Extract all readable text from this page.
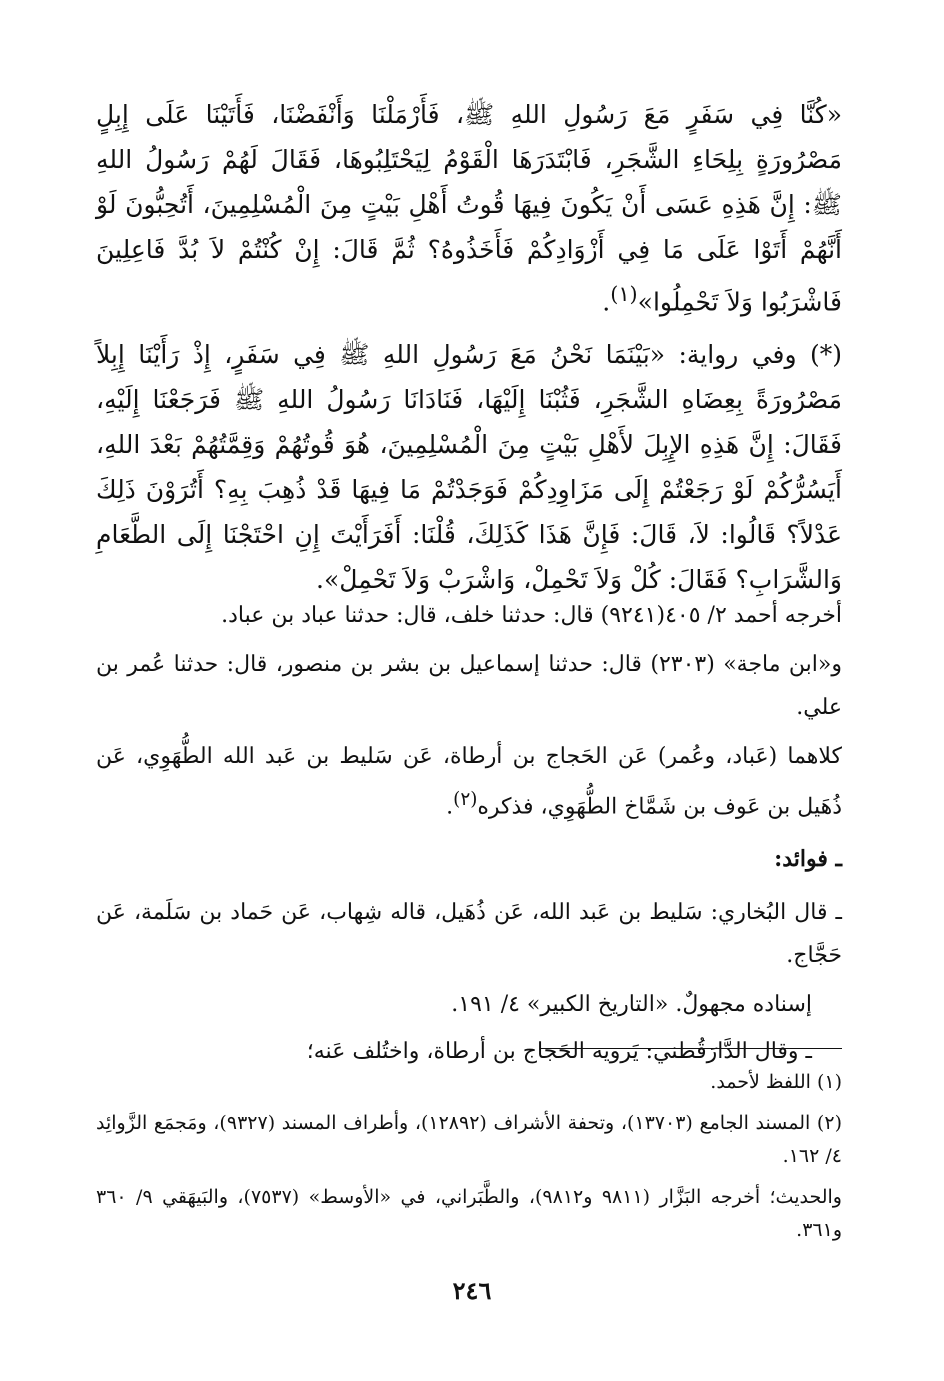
«كُنَّا فِي سَفَرٍ مَعَ رَسُولِ اللهِ ﷺ، فَأَرْمَلْنَا وَأَنْفَضْنَا، فَأَتَيْنَا عَلَى إِبِلٍ مَصْرُورَةٍ بِلِحَاءِ الشَّجَرِ، فَابْتَدَرَهَا الْقَوْمُ لِيَحْتَلِبُوهَا، فَقَالَ لَهُمْ رَسُولُ اللهِ ﷺ: إِنَّ هَذِهِ عَسَى أَنْ يَكُونَ فِيهَا قُوتُ أَهْلِ بَيْتٍ مِنَ الْمُسْلِمِينَ، أَتُحِبُّونَ لَوْ أَنَّهُمْ أَتَوْا عَلَى مَا فِي أَزْوَادِكُمْ فَأَخَذُوهُ؟ ثُمَّ قَالَ: إِنْ كُنْتُمْ لاَ بُدَّ فَاعِلِينَ فَاشْرَبُوا وَلاَ تَحْمِلُوا»$^{(١)}$.

(*) وفي رواية: «بَيْنَمَا نَحْنُ مَعَ رَسُولِ اللهِ ﷺ فِي سَفَرٍ، إِذْ رَأَيْنَا إِبِلاً مَصْرُورَةً بِعِضَاهِ الشَّجَرِ، فَثُبْنَا إِلَيْهَا، فَنَادَانَا رَسُولُ اللهِ ﷺ فَرَجَعْنَا إِلَيْهِ، فَقَالَ: إِنَّ هَذِهِ الإِبِلَ لأَهْلِ بَيْتٍ مِنَ الْمُسْلِمِينَ، هُوَ قُوتُهُمْ وَقِمَّتُهُمْ بَعْدَ اللهِ، أَيَسُرُّكُمْ لَوْ رَجَعْتُمْ إِلَى مَزَاوِدِكُمْ فَوَجَدْتُمْ مَا فِيهَا قَدْ ذُهِبَ بِهِ؟ أَتُرَوْنَ ذَلِكَ عَدْلاً؟ قَالُوا: لاَ، قَالَ: فَإِنَّ هَذَا كَذَلِكَ، قُلْنَا: أَفَرَأَيْتَ إِنِ احْتَجْنَا إِلَى الطَّعَامِ وَالشَّرَابِ؟ فَقَالَ: كُلْ وَلاَ تَحْمِلْ، وَاشْرَبْ وَلاَ تَحْمِلْ».

أخرجه أحمد ٢/ ٤٠٥(٩٢٤١) قال: حدثنا خلف، قال: حدثنا عباد بن عباد.

و«ابن ماجة» (٢٣٠٣) قال: حدثنا إسماعيل بن بشر بن منصور، قال: حدثنا عُمر بن علي.

كلاهما (عَباد، وعُمر) عَن الحَجاج بن أرطاة، عَن سَليط بن عَبد الله الطُّهَوِي، عَن ذُهَيل بن عَوف بن شَمَّاخ الطُّهَوِي، فذكره$^{(٢)}$.

ـ فوائد:

ـ قال البُخاري: سَليط بن عَبد الله، عَن ذُهَيل، قاله شِهاب، عَن حَماد بن سَلَمة، عَن حَجَّاج.

إسناده مجهولٌ. «التاريخ الكبير» ٤/ ١٩١.

ـ وقال الدَّارَقُطني: يَرويه الحَجاج بن أرطاة، واختُلف عَنه؛

(١) اللفظ لأحمد.

(٢) المسند الجامع (١٣٧٠٣)، وتحفة الأشراف (١٢٨٩٢)، وأطراف المسند (٩٣٢٧)، ومَجمَع الزَّوائِد ٤/ ١٦٢.

والحديث؛ أخرجه البَزَّار (٩٨١١ و٩٨١٢)، والطَّبَراني، في «الأوسط» (٧٥٣٧)، والبَيهَقي ٩/ ٣٦٠ و٣٦١.

٢٤٦
